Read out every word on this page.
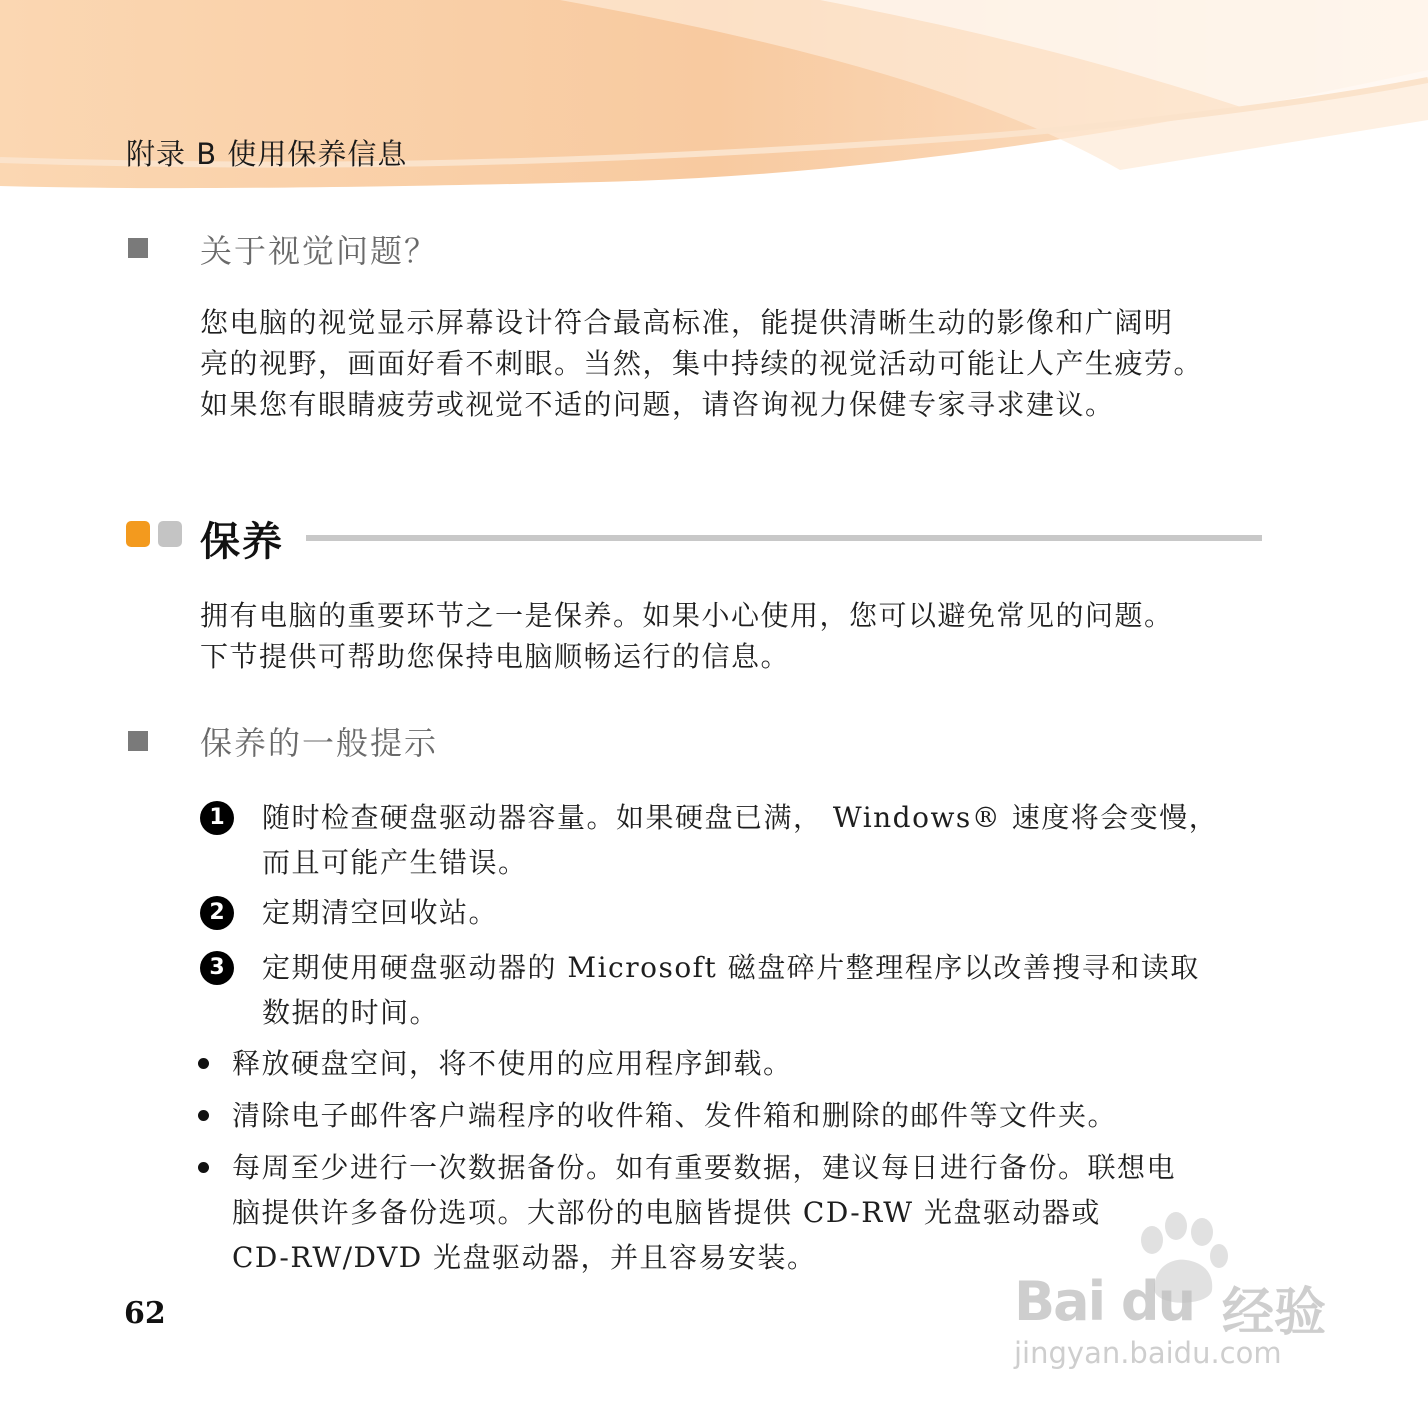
附录 B 使用保养信息
关于视觉问题？

您电脑的视觉显示屏幕设计符合最高标准，能提供清晰生动的影像和广阔明
亮的视野，画面好看不刺眼。当然，集中持续的视觉活动可能让人产生疲劳。
如果您有眼睛疲劳或视觉不适的问题，请咨询视力保健专家寻求建议。

保养

拥有电脑的重要环节之一是保养。如果小心使用，您可以避免常见的问题。
下节提供可帮助您保持电脑顺畅运行的信息。

保养的一般提示
1	随时检查硬盘驱动器容量。如果硬盘已满， Windows® 速度将会变慢，
而且可能产生错误。

2	定期清空回收站。

3	定期使用硬盘驱动器的 Microsoft 磁盘碎片整理程序以改善搜寻和读取
数据的时间。

释放硬盘空间，将不使用的应用程序卸载。

清除电子邮件客户端程序的收件箱、发件箱和删除的邮件等文件夹。

每周至少进行一次数据备份。如有重要数据，建议每日进行备份。联想电
脑提供许多备份选项。大部份的电脑皆提供 CD-RW 光盘驱动器或
CD-RW/DVD 光盘驱动器，并且容易安装。

62	Bai du 经验

jingyan.baidu.com
